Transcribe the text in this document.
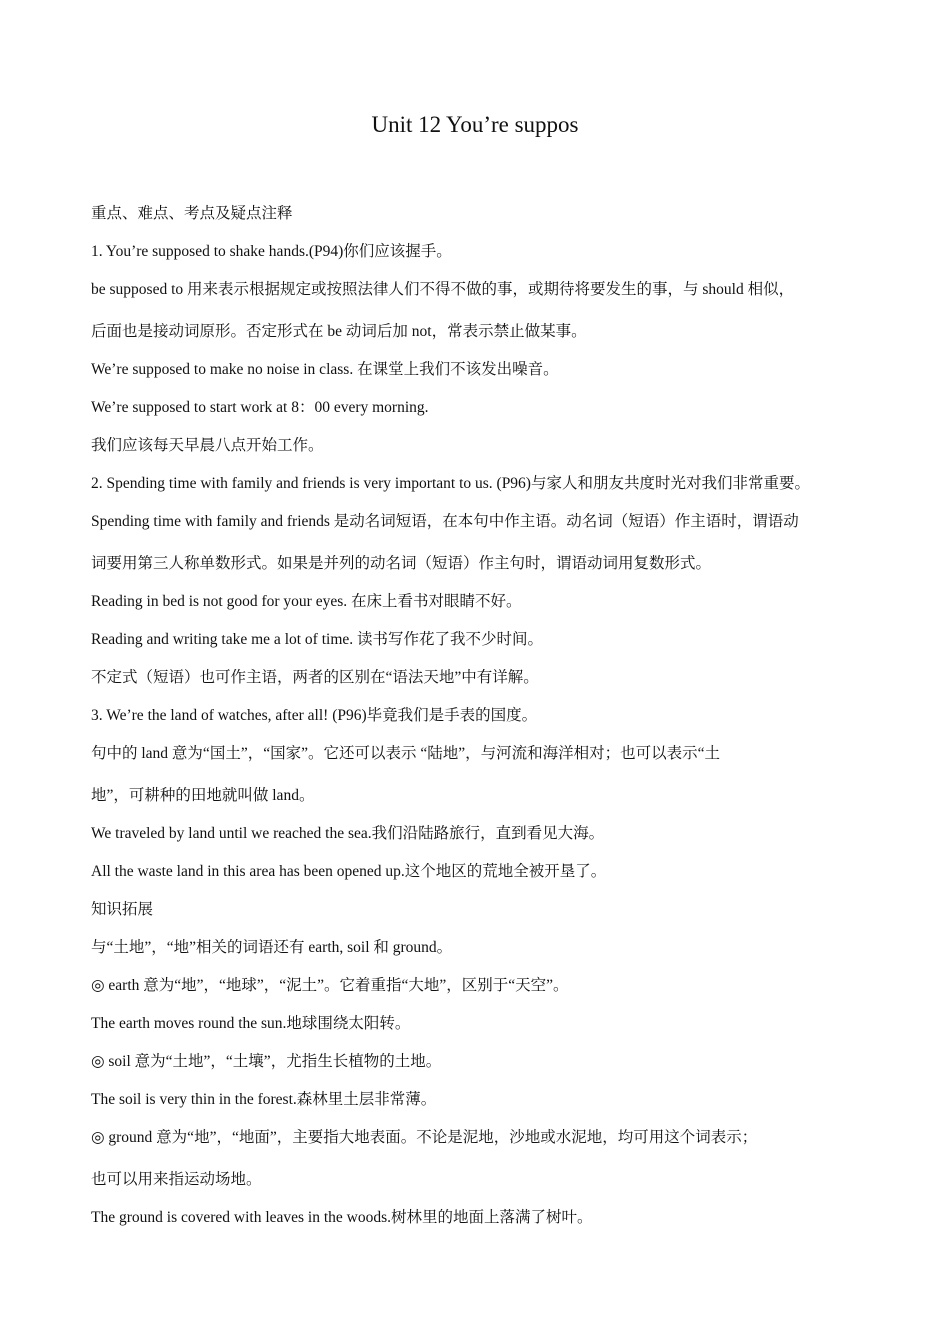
Unit 12 You’re suppos
重点、难点、考点及疑点注释
1. You’re supposed to shake hands.(P94)你们应该握手。
be supposed to 用来表示根据规定或按照法律人们不得不做的事，或期待将要发生的事，与 should 相似，
后面也是接动词原形。否定形式在 be 动词后加 not，常表示禁止做某事。
We’re supposed to make no noise in class. 在课堂上我们不该发出噪音。
We’re supposed to start work at 8：00 every morning.
我们应该每天早晨八点开始工作。
2. Spending time with family and friends is very important to us. (P96)与家人和朋友共度时光对我们非常重要。
Spending time with family and friends 是动名词短语，在本句中作主语。动名词（短语）作主语时，谓语动
词要用第三人称单数形式。如果是并列的动名词（短语）作主句时，谓语动词用复数形式。
Reading in bed is not good for your eyes. 在床上看书对眼睛不好。
Reading and writing take me a lot of time. 读书写作花了我不少时间。
不定式（短语）也可作主语，两者的区别在“语法天地”中有详解。
3. We’re the land of watches, after all! (P96)毕竟我们是手表的国度。
句中的 land 意为“国土”，“国家”。它还可以表示 “陆地”，与河流和海洋相对；也可以表示“土
地”，可耕种的田地就叫做 land。
We traveled by land until we reached the sea.我们沿陆路旅行，直到看见大海。
All the waste land in this area has been opened up.这个地区的荒地全被开垦了。
知识拓展
与“土地”，“地”相关的词语还有 earth, soil 和 ground。
◎ earth 意为“地”，“地球”，“泥土”。它着重指“大地”，区别于“天空”。
The earth moves round the sun.地球围绕太阳转。
◎ soil 意为“土地”，“土壤”，尤指生长植物的土地。
The soil is very thin in the forest.森林里土层非常薄。
◎ ground 意为“地”，“地面”，主要指大地表面。不论是泥地，沙地或水泥地，均可用这个词表示；
也可以用来指运动场地。
The ground is covered with leaves in the woods.树林里的地面上落满了树叶。
